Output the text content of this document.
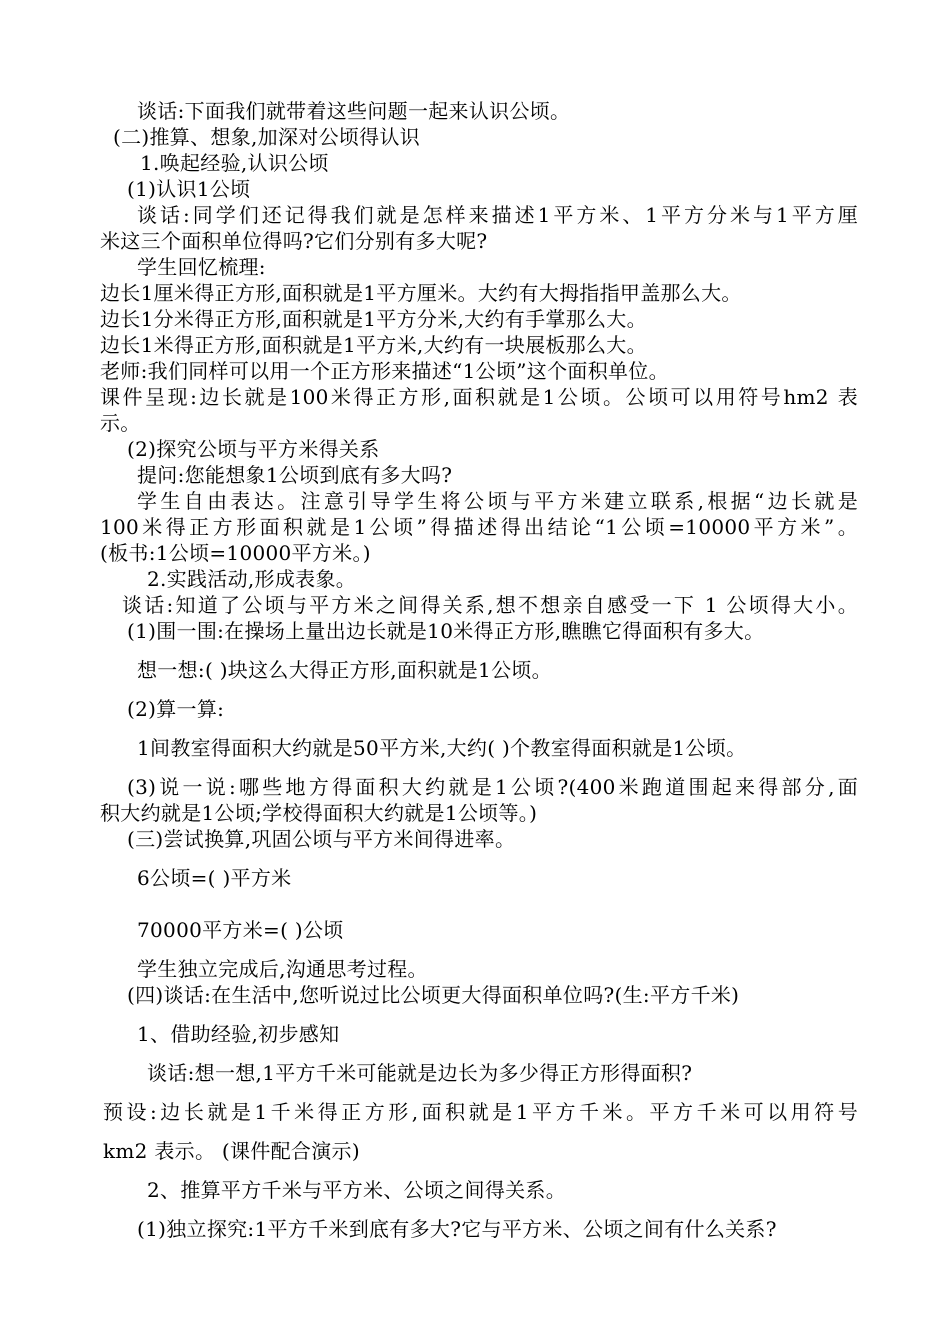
谈话:下面我们就带着这些问题一起来认识公顷。
(二)推算、想象,加深对公顷得认识
1.唤起经验,认识公顷
(1)认识1公顷
谈话:同学们还记得我们就是怎样来描述1平方米、1平方分米与1平方厘
米这三个面积单位得吗?它们分别有多大呢?
学生回忆梳理:
边长1厘米得正方形,面积就是1平方厘米。大约有大拇指指甲盖那么大。
边长1分米得正方形,面积就是1平方分米,大约有手掌那么大。
边长1米得正方形,面积就是1平方米,大约有一块展板那么大。
老师:我们同样可以用一个正方形来描述“1公顷”这个面积单位。
课件呈现:边长就是100米得正方形,面积就是1公顷。公顷可以用符号hm2 表
示。
(2)探究公顷与平方米得关系
提问:您能想象1公顷到底有多大吗?
学生自由表达。注意引导学生将公顷与平方米建立联系,根据“边长就是
100米得正方形面积就是1公顷”得描述得出结论“1公顷=10000平方米”。
(板书:1公顷=10000平方米。)
2.实践活动,形成表象。
谈话:知道了公顷与平方米之间得关系,想不想亲自感受一下 1 公顷得大小。
(1)围一围:在操场上量出边长就是10米得正方形,瞧瞧它得面积有多大。
想一想:( )块这么大得正方形,面积就是1公顷。
(2)算一算:
1间教室得面积大约就是50平方米,大约( )个教室得面积就是1公顷。
(3)说一说:哪些地方得面积大约就是1公顷?(400米跑道围起来得部分,面
积大约就是1公顷;学校得面积大约就是1公顷等。)
(三)尝试换算,巩固公顷与平方米间得进率。
6公顷=( )平方米
70000平方米=( )公顷
学生独立完成后,沟通思考过程。
(四)谈话:在生活中,您听说过比公顷更大得面积单位吗?(生:平方千米)
1、借助经验,初步感知
谈话:想一想,1平方千米可能就是边长为多少得正方形得面积?
预设:边长就是1千米得正方形,面积就是1平方千米。平方千米可以用符号
km2 表示。 (课件配合演示)
2、推算平方千米与平方米、公顷之间得关系。
(1)独立探究:1平方千米到底有多大?它与平方米、公顷之间有什么关系?
